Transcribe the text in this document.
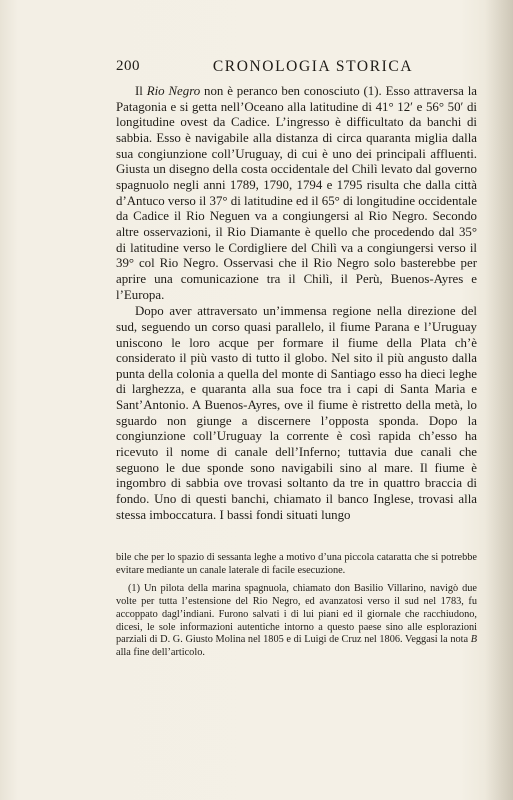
200	CRONOLOGIA STORICA

Il Rio Negro non è peranco ben conosciuto (1). Esso attraversa la Patagonia e si getta nell’Oceano alla latitudine di 41° 12′ e 56° 50′ di longitudine ovest da Cadice. L’ingresso è difficultato da banchi di sabbia. Esso è navigabile alla distanza di circa quaranta miglia dalla sua congiunzione coll’Uruguay, di cui è uno dei principali affluenti. Giusta un disegno della costa occidentale del Chilì levato dal governo spagnuolo negli anni 1789, 1790, 1794 e 1795 risulta che dalla città d’Antuco verso il 37° di latitudine ed il 65° di longitudine occidentale da Cadice il Rio Neguen va a congiungersi al Rio Negro. Secondo altre osservazioni, il Rio Diamante è quello che procedendo dal 35° di latitudine verso le Cordigliere del Chilì va a congiungersi verso il 39° col Rio Negro. Osservasi che il Rio Negro solo basterebbe per aprire una comunicazione tra il Chilì, il Perù, Buenos-Ayres e l’Europa.

Dopo aver attraversato un’immensa regione nella direzione del sud, seguendo un corso quasi parallelo, il fiume Parana e l’Uruguay uniscono le loro acque per formare il fiume della Plata ch’è considerato il più vasto di tutto il globo. Nel sito il più angusto dalla punta della colonia a quella del monte di Santiago esso ha dieci leghe di larghezza, e quaranta alla sua foce tra i capi di Santa Maria e Sant’Antonio. A Buenos-Ayres, ove il fiume è ristretto della metà, lo sguardo non giunge a discernere l’opposta sponda. Dopo la congiunzione coll’Uruguay la corrente è così rapida ch’esso ha ricevuto il nome di canale dell’Inferno; tuttavia due canali che seguono le due sponde sono navigabili sino al mare. Il fiume è ingombro di sabbia ove trovasi soltanto da tre in quattro braccia di fondo. Uno di questi banchi, chiamato il banco Inglese, trovasi alla stessa imboccatura. I bassi fondi situati lungo

bile che per lo spazio di sessanta leghe a motivo d’una piccola cataratta che si potrebbe evitare mediante un canale laterale di facile esecuzione.

(1) Un pilota della marina spagnuola, chiamato don Basilio Villarino, navigò due volte per tutta l’estensione del Rio Negro, ed avanzatosi verso il sud nel 1783, fu accoppato dagl’indiani. Furono salvati i di lui piani ed il giornale che racchiudono, dicesi, le sole informazioni autentiche intorno a questo paese sino alle esplorazioni parziali di D. G. Giusto Molina nel 1805 e di Luigi de Cruz nel 1806. Veggasi la nota B alla fine dell’articolo.
